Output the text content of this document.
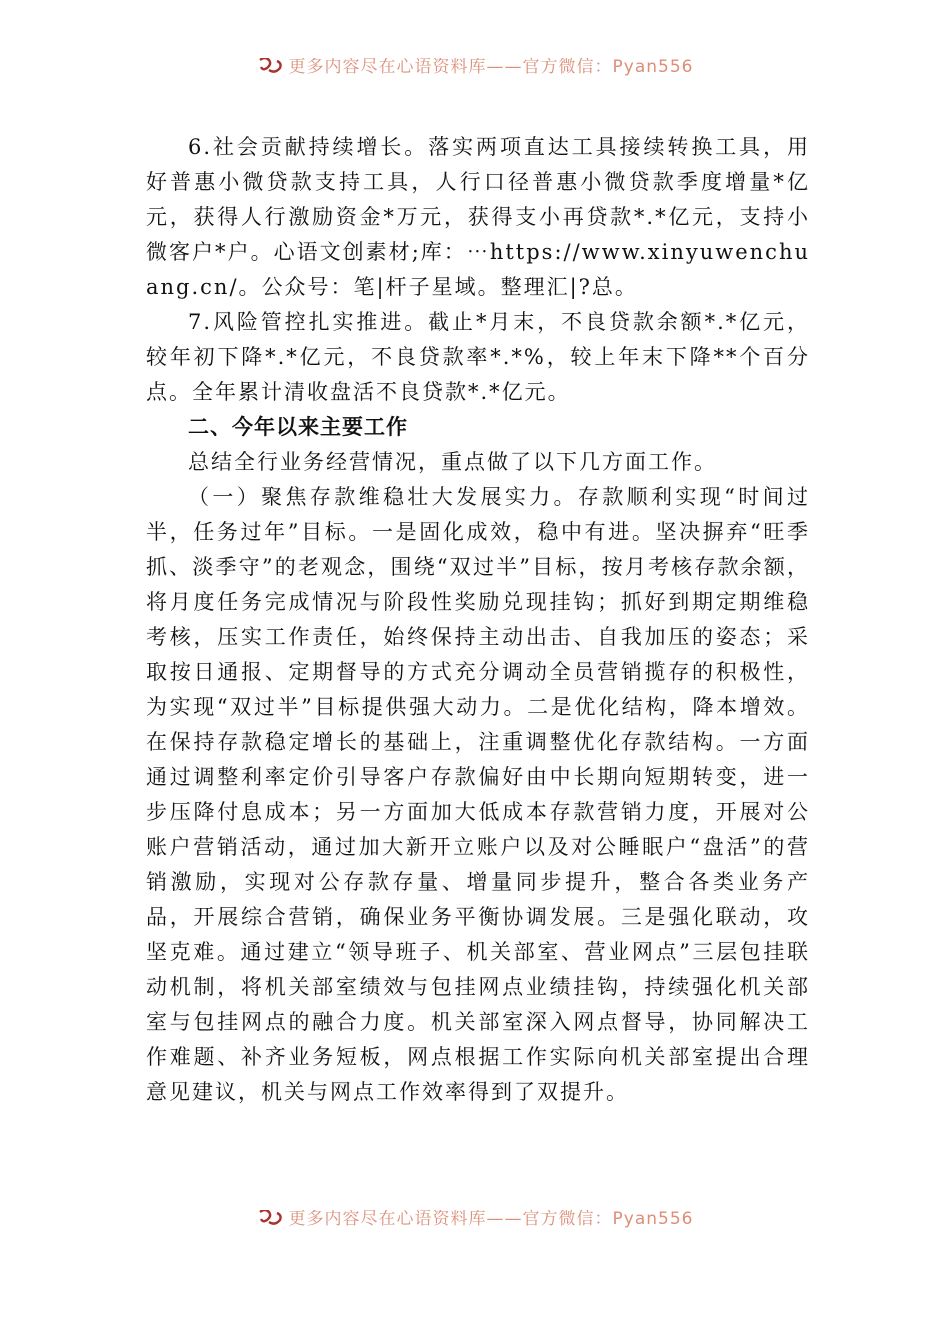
更多内容尽在心语资料库——官方微信：Pyan556

6.社会贡献持续增长。落实两项直达工具接续转换工具，用好普惠小微贷款支持工具，人行口径普惠小微贷款季度增量*亿元，获得人行激励资金*万元，获得支小再贷款*.*亿元，支持小微客户*户。心语文创素材;库：⋯https://www.xinyuwenchuang.cn/。公众号：笔|杆子星域。整理汇|?总。

7.风险管控扎实推进。截止*月末，不良贷款余额*.*亿元，较年初下降*.*亿元，不良贷款率*.*%，较上年末下降**个百分点。全年累计清收盘活不良贷款*.*亿元。

二、今年以来主要工作

总结全行业务经营情况，重点做了以下几方面工作。

（一）聚焦存款维稳壮大发展实力。存款顺利实现“时间过半，任务过年”目标。一是固化成效，稳中有进。坚决摒弃“旺季抓、淡季守”的老观念，围绕“双过半”目标，按月考核存款余额，将月度任务完成情况与阶段性奖励兑现挂钩；抓好到期定期维稳考核，压实工作责任，始终保持主动出击、自我加压的姿态；采取按日通报、定期督导的方式充分调动全员营销揽存的积极性，为实现“双过半”目标提供强大动力。二是优化结构，降本增效。在保持存款稳定增长的基础上，注重调整优化存款结构。一方面通过调整利率定价引导客户存款偏好由中长期向短期转变，进一步压降付息成本；另一方面加大低成本存款营销力度，开展对公账户营销活动，通过加大新开立账户以及对公睡眠户“盘活”的营销激励，实现对公存款存量、增量同步提升，整合各类业务产品，开展综合营销，确保业务平衡协调发展。三是强化联动，攻坚克难。通过建立“领导班子、机关部室、营业网点”三层包挂联动机制，将机关部室绩效与包挂网点业绩挂钩，持续强化机关部室与包挂网点的融合力度。机关部室深入网点督导，协同解决工作难题、补齐业务短板，网点根据工作实际向机关部室提出合理意见建议，机关与网点工作效率得到了双提升。

更多内容尽在心语资料库——官方微信：Pyan556
